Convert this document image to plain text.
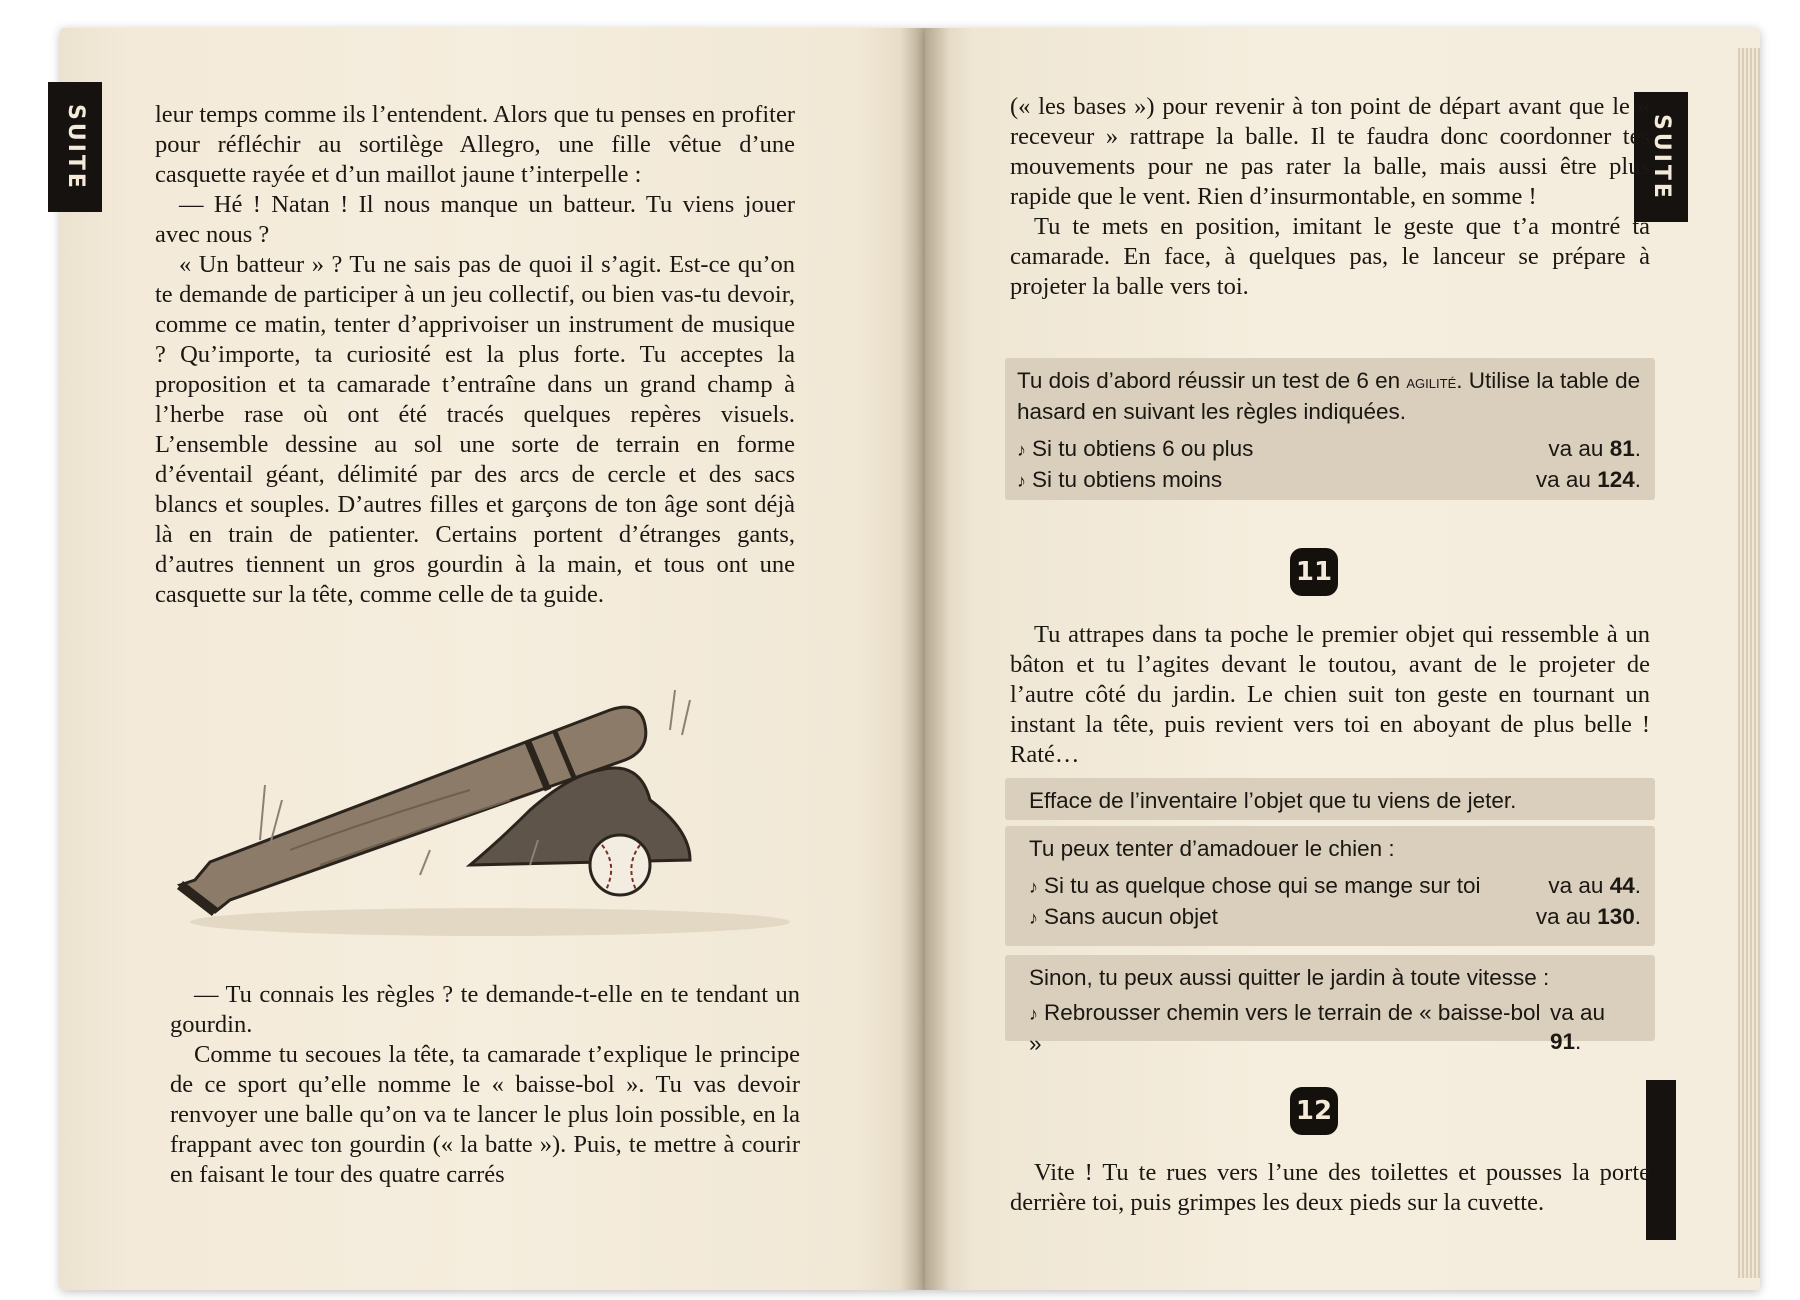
SUITE	SUITE

leur temps comme ils l’entendent. Alors que tu penses en profiter pour réfléchir au sortilège Allegro, une fille vêtue d’une casquette rayée et d’un maillot jaune t’interpelle :

— Hé ! Natan ! Il nous manque un batteur. Tu viens jouer avec nous ?

« Un batteur » ? Tu ne sais pas de quoi il s’agit. Est-ce qu’on te demande de participer à un jeu collectif, ou bien vas-tu devoir, comme ce matin, tenter d’apprivoiser un instrument de musique ? Qu’importe, ta curiosité est la plus forte. Tu acceptes la proposition et ta camarade t’entraîne dans un grand champ à l’herbe rase où ont été tracés quelques repères visuels. L’ensemble dessine au sol une sorte de terrain en forme d’éventail géant, délimité par des arcs de cercle et des sacs blancs et souples. D’autres filles et garçons de ton âge sont déjà là en train de patienter. Certains portent d’étranges gants, d’autres tiennent un gros gourdin à la main, et tous ont une casquette sur la tête, comme celle de ta guide.

— Tu connais les règles ? te demande-t-elle en te tendant un gourdin.

Comme tu secoues la tête, ta camarade t’explique le principe de ce sport qu’elle nomme le « baisse-bol ». Tu vas devoir renvoyer une balle qu’on va te lancer le plus loin possible, en la frappant avec ton gourdin (« la batte »). Puis, te mettre à courir en faisant le tour des quatre carrés

(« les bases ») pour revenir à ton point de départ avant que le « receveur » rattrape la balle. Il te faudra donc coordonner tes mouvements pour ne pas rater la balle, mais aussi être plus rapide que le vent. Rien d’insurmontable, en somme !

Tu te mets en position, imitant le geste que t’a montré ta camarade. En face, à quelques pas, le lanceur se prépare à projeter la balle vers toi.

Tu dois d’abord réussir un test de 6 en agilité. Utilise la table de hasard en suivant les règles indiquées.
♪ Si tu obtiens 6 ou plus	va au 81.
♪ Si tu obtiens moins	va au 124.
11

Tu attrapes dans ta poche le premier objet qui ressemble à un bâton et tu l’agites devant le toutou, avant de le projeter de l’autre côté du jardin. Le chien suit ton geste en tournant un instant la tête, puis revient vers toi en aboyant de plus belle ! Raté…

Efface de l’inventaire l’objet que tu viens de jeter.
Tu peux tenter d’amadouer le chien :
♪ Si tu as quelque chose qui se mange sur toi	va au 44.
♪ Sans aucun objet	va au 130.
Sinon, tu peux aussi quitter le jardin à toute vitesse :
♪ Rebrousser chemin vers le terrain de « baisse-bol »
va au 91.
12

Vite ! Tu te rues vers l’une des toilettes et pousses la porte derrière toi, puis grimpes les deux pieds sur la cuvette.
